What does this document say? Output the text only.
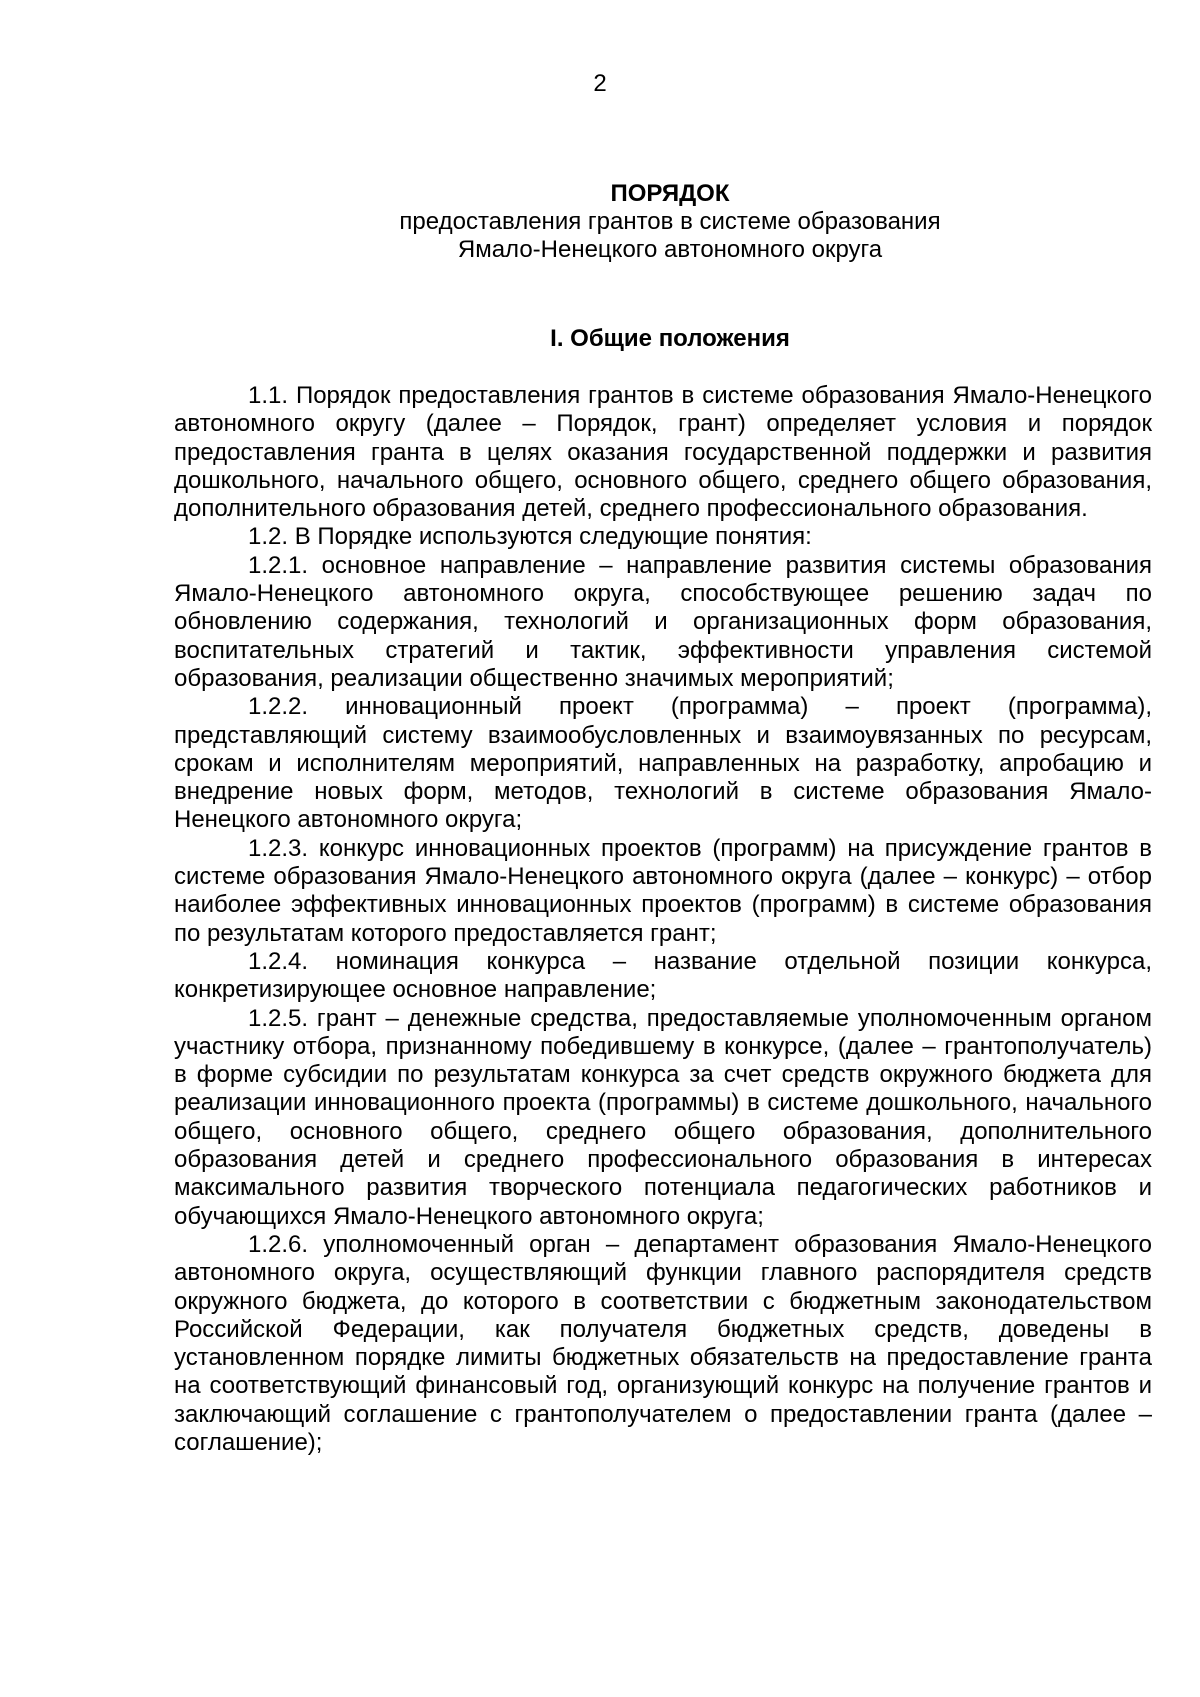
2

ПОРЯДОК

предоставления грантов в системе образования

Ямало-Ненецкого автономного округа

I. Общие положения

1.1. Порядок предоставления грантов в системе образования Ямало-Ненецкого автономного округу (далее – Порядок, грант) определяет условия и порядок предоставления гранта в целях оказания государственной поддержки и развития дошкольного, начального общего, основного общего, среднего общего образования, дополнительного образования детей, среднего профессионального образования.

1.2. В Порядке используются следующие понятия:

1.2.1. основное направление – направление развития системы образования Ямало-Ненецкого автономного округа, способствующее решению задач по обновлению содержания, технологий и организационных форм образования, воспитательных стратегий и тактик, эффективности управления системой образования, реализации общественно значимых мероприятий;

1.2.2. инновационный проект (программа) – проект (программа), представляющий систему взаимообусловленных и взаимоувязанных по ресурсам, срокам и исполнителям мероприятий, направленных на разработку, апробацию и внедрение новых форм, методов, технологий в системе образования Ямало-Ненецкого автономного округа;

1.2.3. конкурс инновационных проектов (программ) на присуждение грантов в системе образования Ямало-Ненецкого автономного округа (далее – конкурс) – отбор наиболее эффективных инновационных проектов (программ) в системе образования по результатам которого предоставляется грант;

1.2.4. номинация конкурса – название отдельной позиции конкурса, конкретизирующее основное направление;

1.2.5. грант – денежные средства, предоставляемые уполномоченным органом участнику отбора, признанному победившему в конкурсе, (далее – грантополучатель) в форме субсидии по результатам конкурса за счет средств окружного бюджета для реализации инновационного проекта (программы) в системе дошкольного, начального общего, основного общего, среднего общего образования, дополнительного образования детей и среднего профессионального образования в интересах максимального развития творческого потенциала педагогических работников и обучающихся Ямало-Ненецкого автономного округа;

1.2.6. уполномоченный орган – департамент образования Ямало-Ненецкого автономного округа, осуществляющий функции главного распорядителя средств окружного бюджета, до которого в соответствии с бюджетным законодательством Российской Федерации, как получателя бюджетных средств, доведены в установленном порядке лимиты бюджетных обязательств на предоставление гранта на соответствующий финансовый год, организующий конкурс на получение грантов и заключающий соглашение с грантополучателем о предоставлении гранта (далее – соглашение);
